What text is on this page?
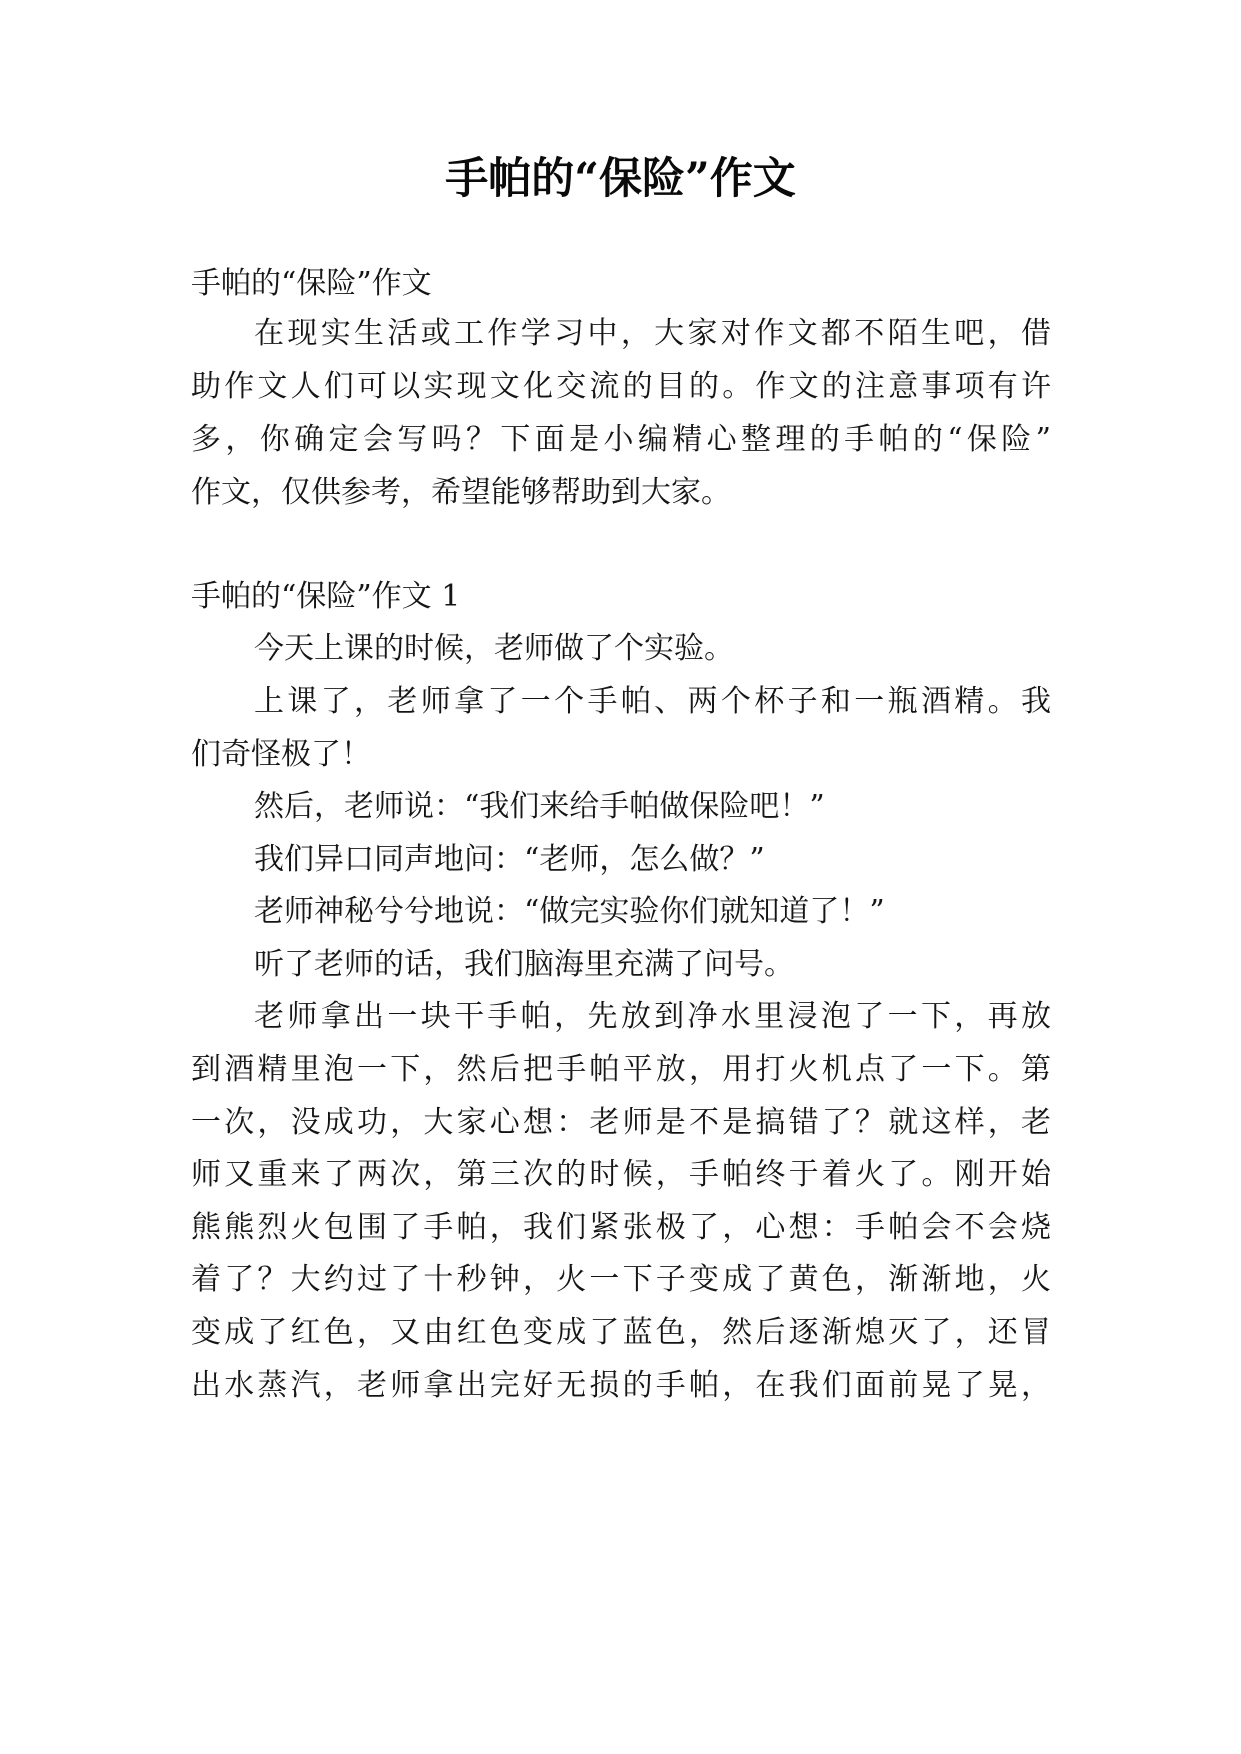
手帕的“保险”作文
手帕的“保险”作文
在现实生活或工作学习中，大家对作文都不陌生吧，借
助作文人们可以实现文化交流的目的。作文的注意事项有许
多，你确定会写吗？下面是小编精心整理的手帕的“保险”
作文，仅供参考，希望能够帮助到大家。
手帕的“保险”作文 1
今天上课的时候，老师做了个实验。
上课了，老师拿了一个手帕、两个杯子和一瓶酒精。我
们奇怪极了！
然后，老师说：“我们来给手帕做保险吧！”
我们异口同声地问：“老师，怎么做？”
老师神秘兮兮地说：“做完实验你们就知道了！”
听了老师的话，我们脑海里充满了问号。
老师拿出一块干手帕，先放到净水里浸泡了一下，再放
到酒精里泡一下，然后把手帕平放，用打火机点了一下。第
一次，没成功，大家心想：老师是不是搞错了？就这样，老
师又重来了两次，第三次的时候，手帕终于着火了。刚开始
熊熊烈火包围了手帕，我们紧张极了，心想：手帕会不会烧
着了？大约过了十秒钟，火一下子变成了黄色，渐渐地，火
变成了红色，又由红色变成了蓝色，然后逐渐熄灭了，还冒
出水蒸汽，老师拿出完好无损的手帕，在我们面前晃了晃，
